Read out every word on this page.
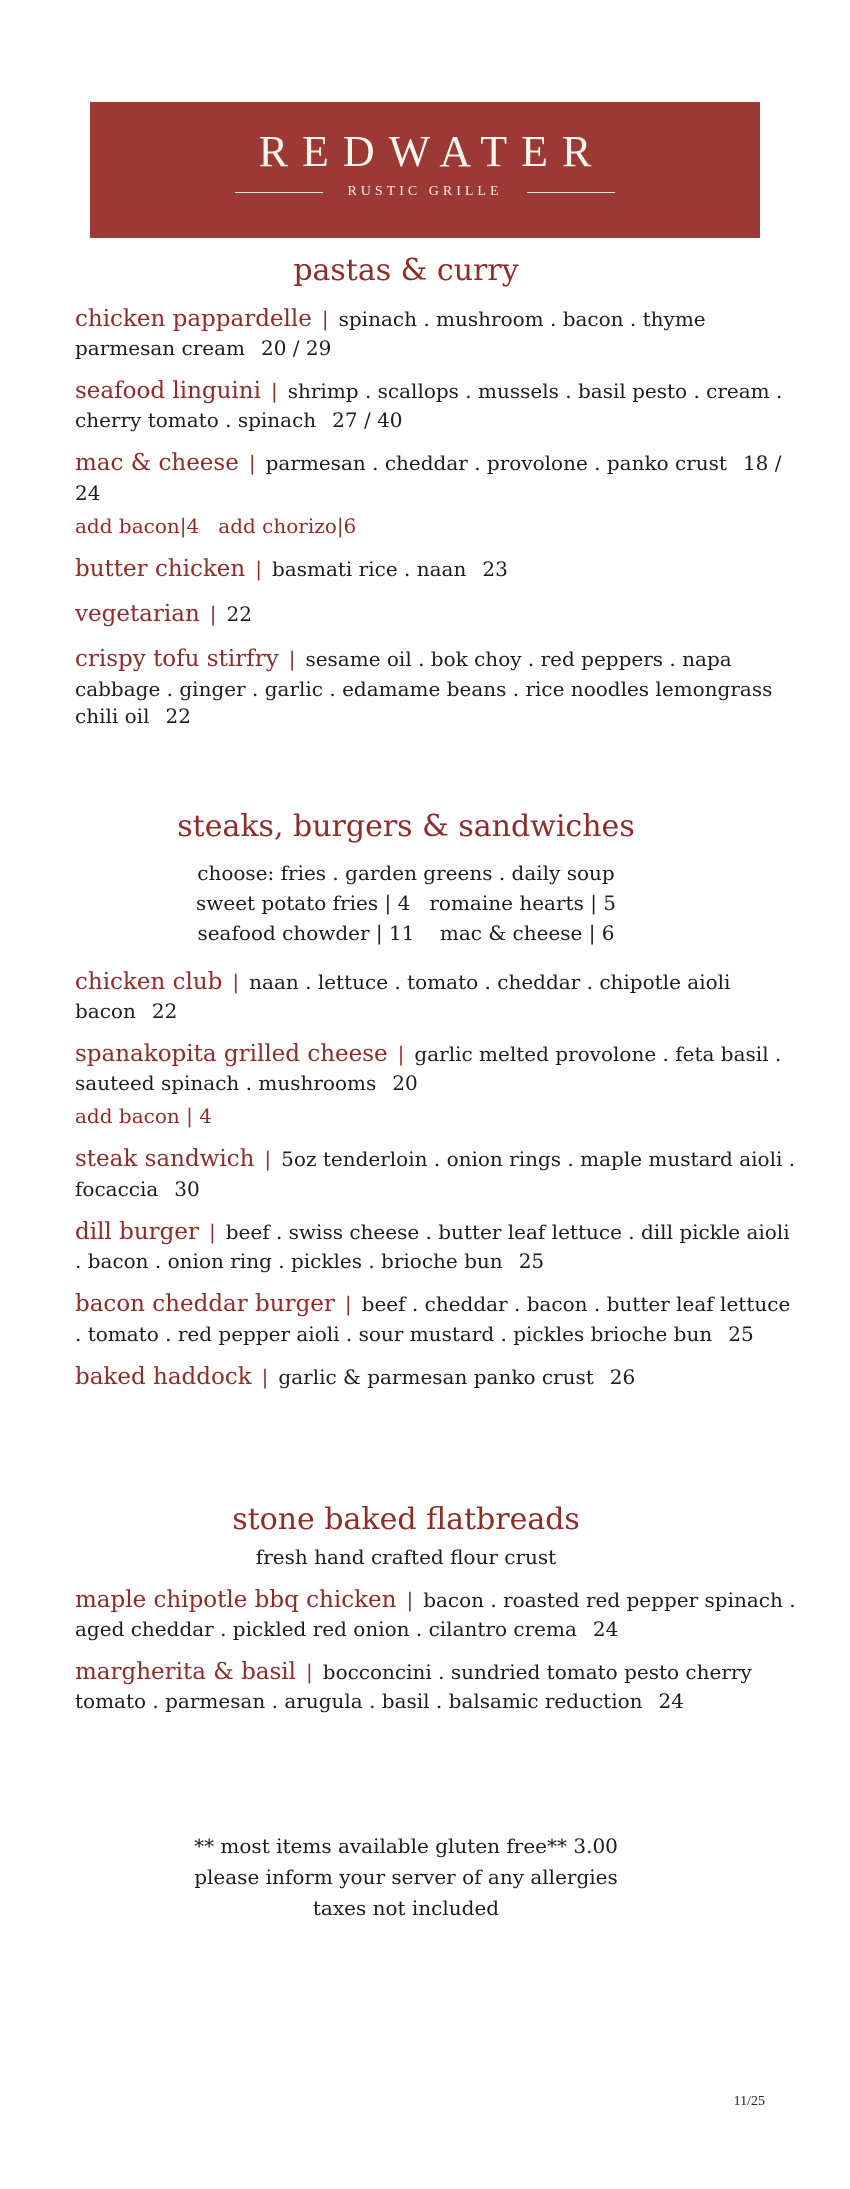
REDWATER
RUSTIC GRILLE
pastas & curry

chicken pappardelle | spinach . mushroom . bacon . thyme parmesan cream 20 / 29

seafood linguini | shrimp . scallops . mussels . basil pesto . cream . cherry tomato . spinach 27 / 40

mac & cheese | parmesan . cheddar . provolone . panko crust 18 / 24

add bacon|4   add chorizo|6

butter chicken | basmati rice . naan 23

vegetarian | 22

crispy tofu stirfry | sesame oil . bok choy . red peppers . napa cabbage . ginger . garlic . edamame beans . rice noodles lemongrass chili oil 22

steaks, burgers & sandwiches

choose: fries . garden greens . daily soup

sweet potato fries | 4   romaine hearts | 5

seafood chowder | 11    mac & cheese | 6

chicken club | naan . lettuce . tomato . cheddar . chipotle aioli bacon 22

spanakopita grilled cheese | garlic melted provolone . feta basil . sauteed spinach . mushrooms 20

add bacon | 4

steak sandwich | 5oz tenderloin . onion rings . maple mustard aioli . focaccia 30

dill burger | beef . swiss cheese . butter leaf lettuce . dill pickle aioli . bacon . onion ring . pickles . brioche bun 25

bacon cheddar burger | beef . cheddar . bacon . butter leaf lettuce . tomato . red pepper aioli . sour mustard . pickles brioche bun 25

baked haddock | garlic & parmesan panko crust 26

stone baked flatbreads

fresh hand crafted flour crust

maple chipotle bbq chicken | bacon . roasted red pepper spinach . aged cheddar . pickled red onion . cilantro crema 24

margherita & basil | bocconcini . sundried tomato pesto cherry tomato . parmesan . arugula . basil . balsamic reduction 24

** most items available gluten free** 3.00

please inform your server of any allergies

taxes not included

11/25
